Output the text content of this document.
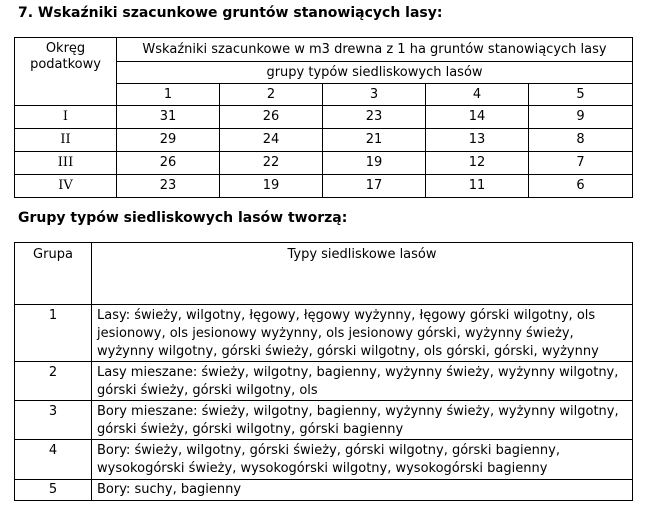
7. Wskaźniki szacunkowe gruntów stanowiących lasy:
Okręg podatkowy	Wskaźniki szacunkowe w m3 drewna z 1 ha gruntów stanowiących lasy				
	grupy typów siedliskowych lasów				
	1	2	3	4	5
I	31	26	23	14	9
II	29	24	21	13	8
III	26	22	19	12	7
IV	23	19	17	11	6
Grupy typów siedliskowych lasów tworzą:
Grupa	Typy siedliskowe lasów
1	Lasy: świeży, wilgotny, łęgowy, łęgowy wyżynny, łęgowy górski wilgotny, ols jesionowy, ols jesionowy wyżynny, ols jesionowy górski, wyżynny świeży, wyżynny wilgotny, górski świeży, górski wilgotny, ols górski, górski, wyżynny
2	Lasy mieszane: świeży, wilgotny, bagienny, wyżynny świeży, wyżynny wilgotny, górski świeży, górski wilgotny, ols
3	Bory mieszane: świeży, wilgotny, bagienny, wyżynny świeży, wyżynny wilgotny, górski świeży, górski wilgotny, górski bagienny
4	Bory: świeży, wilgotny, górski świeży, górski wilgotny, górski bagienny, wysokogórski świeży, wysokogórski wilgotny, wysokogórski bagienny
5	Bory: suchy, bagienny
